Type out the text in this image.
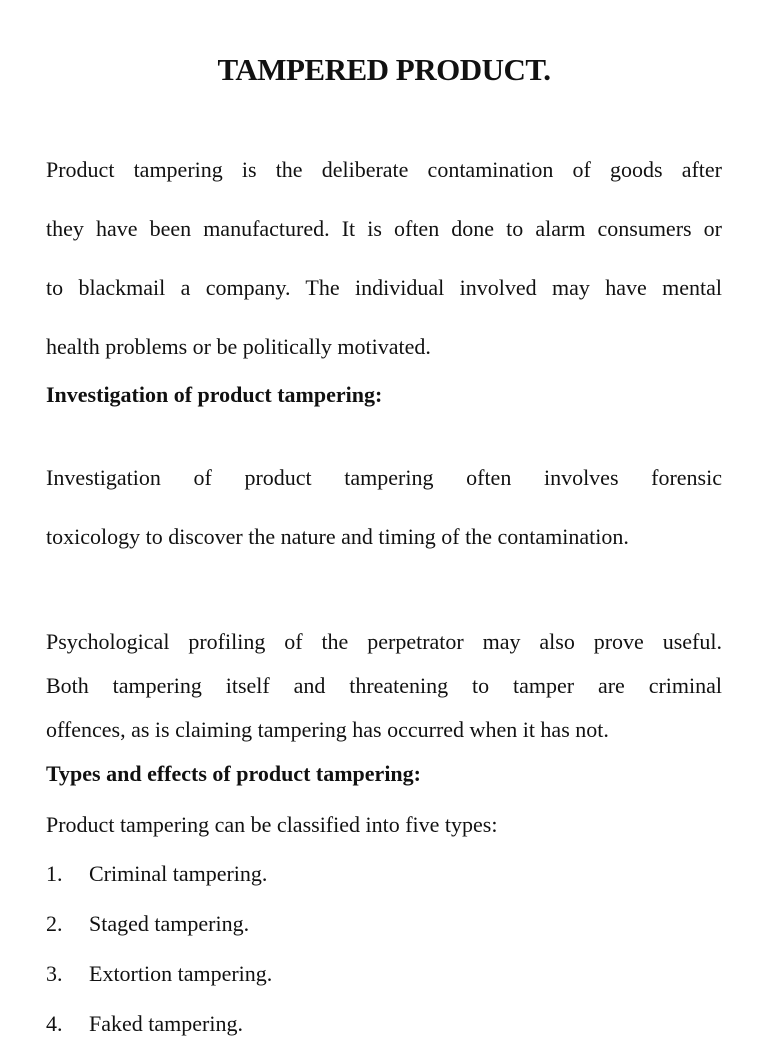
TAMPERED PRODUCT.

Product tampering is the deliberate contamination of goods after
they have been manufactured. It is often done to alarm consumers or
to blackmail a company. The individual involved may have mental
health problems or be politically motivated.

Investigation of product tampering:

Investigation of product tampering often involves forensic
toxicology to discover the nature and timing of the contamination.

Psychological profiling of the perpetrator may also prove useful.
Both tampering itself and threatening to tamper are criminal
offences, as is claiming tampering has occurred when it has not.

Types and effects of product tampering:

Product tampering can be classified into five types:

1. Criminal tampering.
2. Staged tampering.
3. Extortion tampering.
4. Faked tampering.
